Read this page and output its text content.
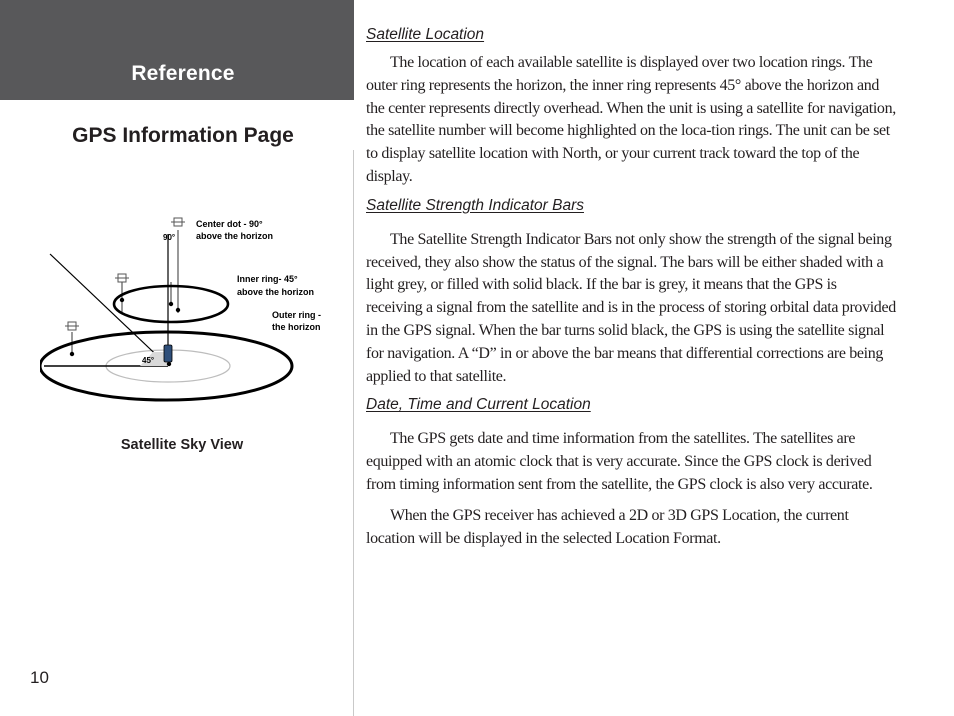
Reference
GPS Information Page
Center dot - 90°
above the horizon
90°
Inner ring- 45°
above the horizon
Outer ring -
the horizon
45°
Satellite Sky View
10

Satellite Location

The location of each available satellite is displayed over two location rings. The outer ring represents the horizon, the inner ring represents 45° above the horizon and the center represents directly overhead. When the unit is using a satellite for navigation, the satellite number will become highlighted on the loca-tion rings. The unit can be set to display satellite location with North, or your current track toward the top of the display.

Satellite Strength Indicator Bars

The Satellite Strength Indicator Bars not only show the strength of the signal being received, they also show the status of the signal. The bars will be either shaded with a light grey, or filled with solid black. If the bar is grey, it means that the GPS is receiving a signal from the satellite and is in the process of storing orbital data provided in the GPS signal. When the bar turns solid black, the GPS is using the satellite signal for navigation. A “D” in or above the bar means that differential corrections are being applied to that satellite.

Date, Time and Current Location

The GPS gets date and time information from the satellites. The satellites are equipped with an atomic clock that is very accurate. Since the GPS clock is derived from timing information sent from the satellite, the GPS clock is also very accurate.

When the GPS receiver has achieved a 2D or 3D GPS Location, the current location will be displayed in the selected Location Format.
